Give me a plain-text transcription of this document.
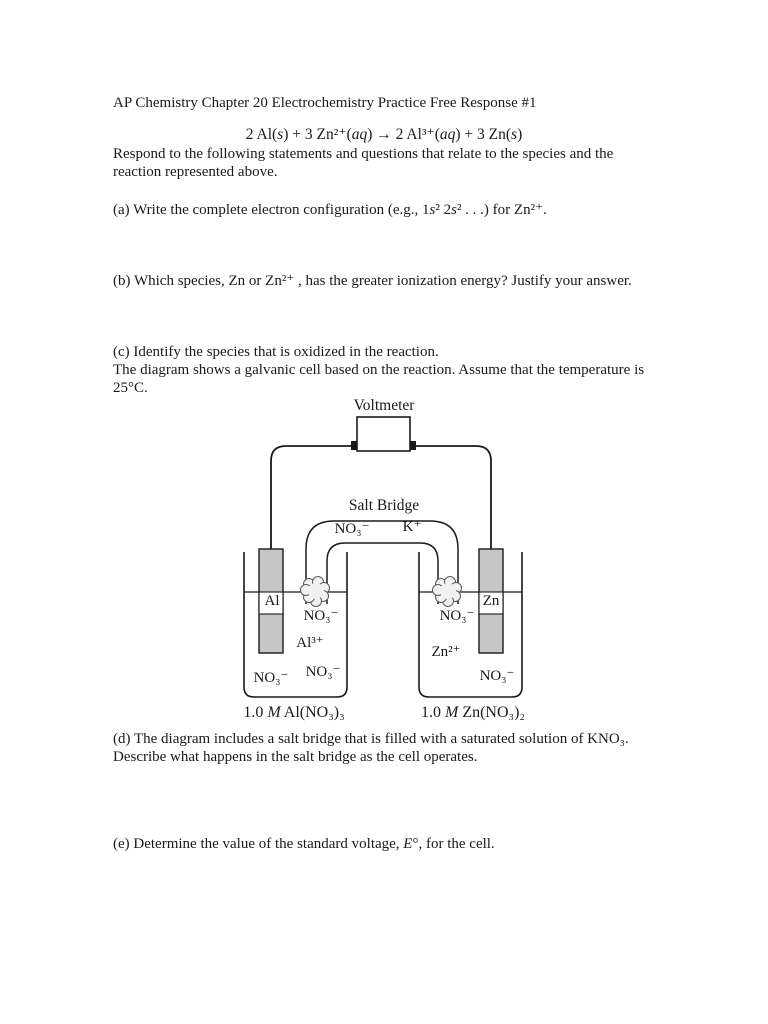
AP Chemistry Chapter 20 Electrochemistry Practice Free Response #1
2 Al(s) + 3 Zn²⁺(aq) → 2 Al³⁺(aq) + 3 Zn(s)
Respond to the following statements and questions that relate to the species and the
reaction represented above.
(a) Write the complete electron configuration (e.g., 1s² 2s² . . .) for Zn²⁺.
(b) Which species, Zn or Zn²⁺ , has the greater ionization energy? Justify your answer.
(c) Identify the species that is oxidized in the reaction.
The diagram shows a galvanic cell based on the reaction. Assume that the temperature is
25°C.
(d) The diagram includes a salt bridge that is filled with a saturated solution of KNO₃.
Describe what happens in the salt bridge as the cell operates.
(e) Determine the value of the standard voltage, E°, for the cell.
Voltmeter
Salt Bridge
NO₃⁻ K⁺
Al	Zn
NO₃⁻
Al³⁺
NO₃⁻ NO₃⁻
NO₃⁻
Zn²⁺
NO₃⁻
1.0 M Al(NO₃)₃	1.0 M Zn(NO₃)₂
